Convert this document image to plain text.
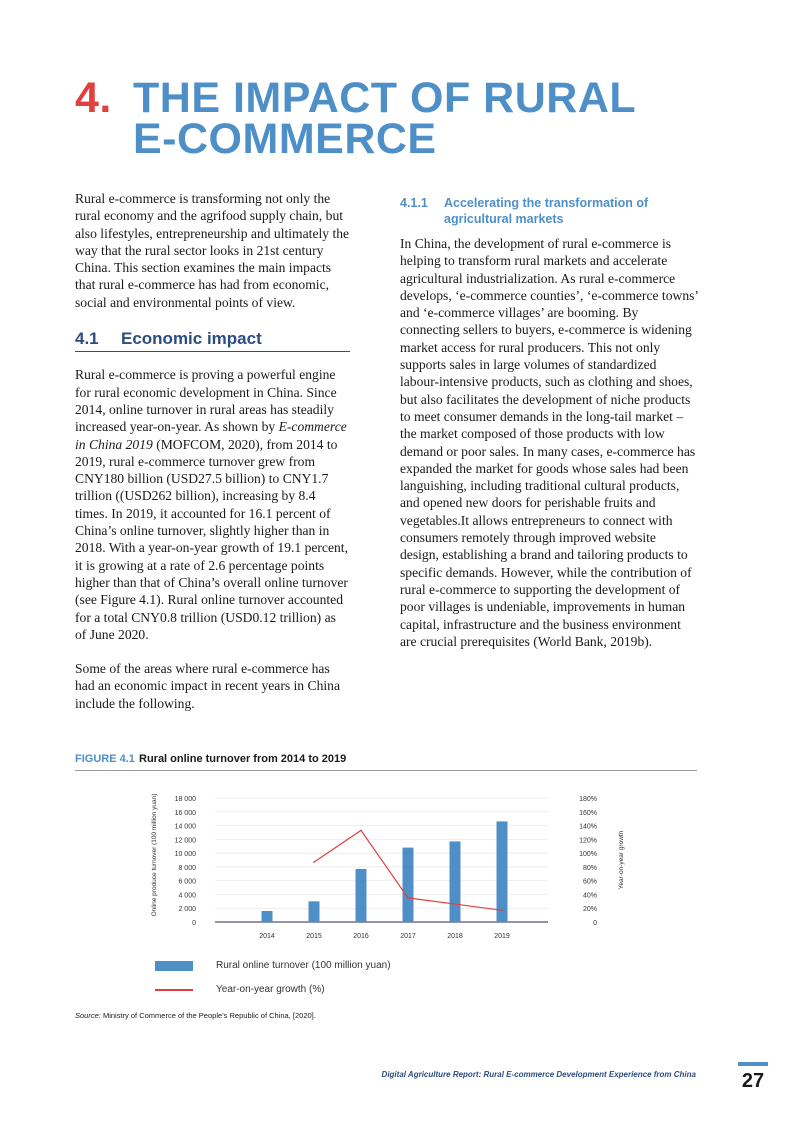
4. THE IMPACT OF RURAL
E-COMMERCE

Rural e-commerce is transforming not only the rural economy and the agrifood supply chain, but also lifestyles, entrepreneurship and ultimately the way that the rural sector looks in 21st century China. This section examines the main impacts that rural e-commerce has had from economic, social and environmental points of view.

4.1 Economic impact

Rural e-commerce is proving a powerful engine for rural economic development in China. Since 2014, online turnover in rural areas has steadily increased year-on-year. As shown by E-commerce in China 2019 (MOFCOM, 2020), from 2014 to 2019, rural e-commerce turnover grew from CNY180 billion (USD27.5 billion) to CNY1.7 trillion ((USD262 billion), increasing by 8.4 times. In 2019, it accounted for 16.1 percent of China’s online turnover, slightly higher than in 2018. With a year-on-year growth of 19.1 percent, it is growing at a rate of 2.6 percentage points higher than that of China’s overall online turnover (see Figure 4.1). Rural online turnover accounted for a total CNY0.8 trillion (USD0.12 trillion) as of June 2020.

Some of the areas where rural e-commerce has had an economic impact in recent years in China include the following.

4.1.1	Accelerating the transformation of agricultural markets

In China, the development of rural e-commerce is helping to transform rural markets and accelerate agricultural industrialization. As rural e-commerce develops, ‘e-commerce counties’, ‘e-commerce towns’ and ‘e-commerce villages’ are booming. By connecting sellers to buyers, e-commerce is widening market access for rural producers. This not only supports sales in large volumes of standardized labour-intensive products, such as clothing and shoes, but also facilitates the development of niche products to meet consumer demands in the long-tail market – the market composed of those products with low demand or poor sales. In many cases, e-commerce has expanded the market for goods whose sales had been languishing, including traditional cultural products, and opened new doors for perishable fruits and vegetables.It allows entrepreneurs to connect with consumers remotely through improved website design, establishing a brand and tailoring products to specific demands. However, while the contribution of rural e-commerce to supporting the development of poor villages is undeniable, improvements in human capital, infrastructure and the business environment are crucial prerequisites (World Bank, 2019b).

FIGURE 4.1 Rural online turnover from 2014 to 2019
0
2 000
4 000
6 000
8 000
10 000
12 000
14 000
16 000
18 000
0
20%
40%
60%
80%
100%
120%
140%
160%
180%
2014	2015	2016	2017	2018	2019
Online produce turnover (100 million yuan)	Year-on-year growth
Rural online turnover (100 million yuan)
Year-on-year growth (%)
Source: Ministry of Commerce of the People’s Republic of China, [2020].
Digital Agriculture Report: Rural E-commerce Development Experience from China 27
